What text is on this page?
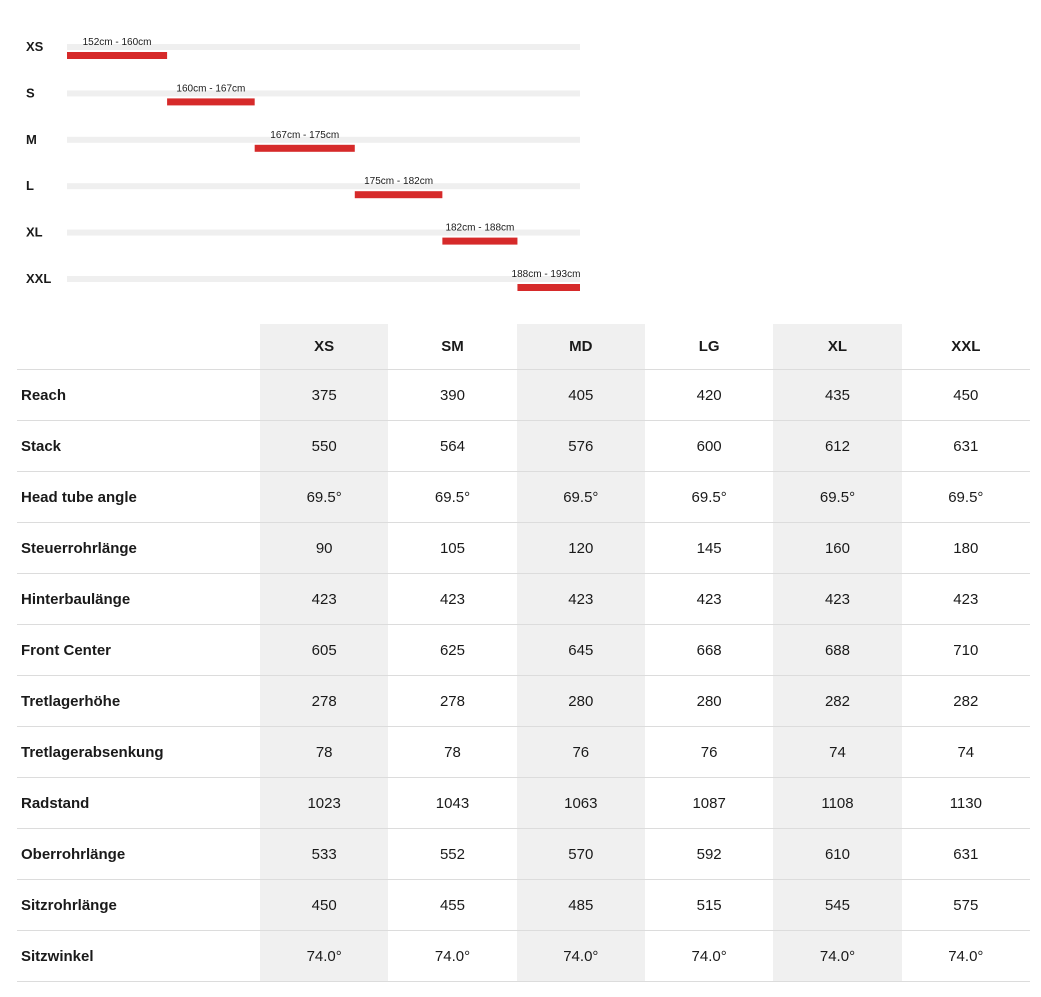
XS	152cm - 160cm
S	160cm - 167cm
M	167cm - 175cm
L	175cm - 182cm
XL	182cm - 188cm
XXL	188cm - 193cm
	XS	SM	MD	LG	XL	XXL
Reach	375	390	405	420	435	450
Stack	550	564	576	600	612	631
Head tube angle	69.5°	69.5°	69.5°	69.5°	69.5°	69.5°
Steuerrohrlänge	90	105	120	145	160	180
Hinterbaulänge	423	423	423	423	423	423
Front Center	605	625	645	668	688	710
Tretlagerhöhe	278	278	280	280	282	282
Tretlagerabsenkung	78	78	76	76	74	74
Radstand	1023	1043	1063	1087	1108	1130
Oberrohrlänge	533	552	570	592	610	631
Sitzrohrlänge	450	455	485	515	545	575
Sitzwinkel	74.0°	74.0°	74.0°	74.0°	74.0°	74.0°
